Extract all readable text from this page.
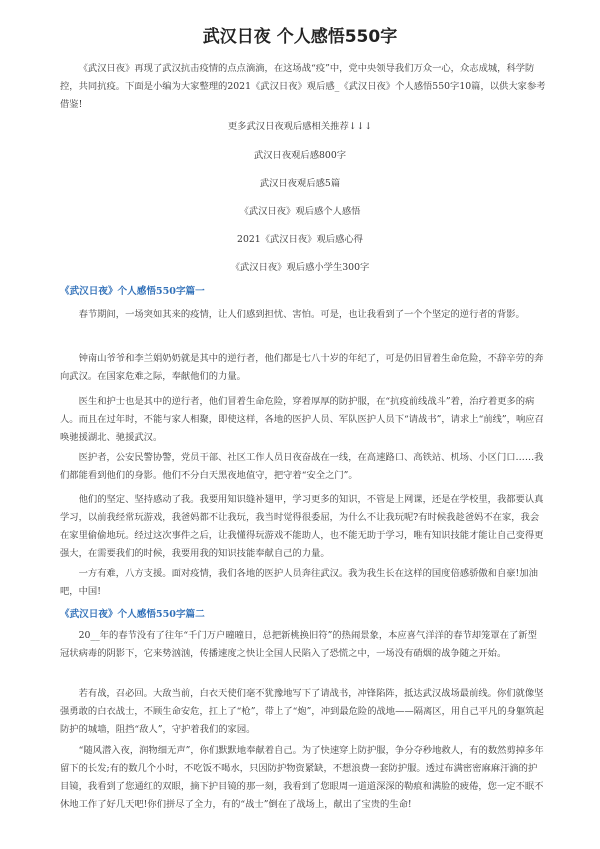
武汉日夜 个人感悟550字

《武汉日夜》再现了武汉抗击疫情的点点滴滴，在这场战“疫”中，党中央领导我们万众一心，众志成城，科学防控，共同抗疫。下面是小编为大家整理的2021《武汉日夜》观后感_《武汉日夜》个人感悟550字10篇，以供大家参考借鉴!

更多武汉日夜观后感相关推荐↓↓↓
武汉日夜观后感800字
武汉日夜观后感5篇
《武汉日夜》观后感个人感悟
2021《武汉日夜》观后感心得
《武汉日夜》观后感小学生300字
《武汉日夜》个人感悟550字篇一

春节期间，一场突如其来的疫情，让人们感到担忧、害怕。可是，也让我看到了一个个坚定的逆行者的背影。

钟南山爷爷和李兰娟奶奶就是其中的逆行者，他们都是七八十岁的年纪了，可是仍旧冒着生命危险，不辞辛劳的奔向武汉。在国家危难之际，奉献他们的力量。

医生和护士也是其中的逆行者，他们冒着生命危险，穿着厚厚的防护服，在“抗疫前线战斗”着，治疗着更多的病人。而且在过年时，不能与家人相聚，即使这样，各地的医护人员、军队医护人员下“请战书”，请求上“前线”，响应召唤驰援湖北、驰援武汉。

医护者，公安民警协警，党员干部、社区工作人员日夜奋战在一线，在高速路口、高铁站、机场、小区门口……我们都能看到他们的身影。他们不分白天黑夜地值守，把守着“安全之门”。

他们的坚定、坚持感动了我。我要用知识缝补翅甲，学习更多的知识，不管是上网课，还是在学校里，我都要认真学习，以前我经常玩游戏，我爸妈都不让我玩，我当时觉得很委屈，为什么不让我玩呢?有时候我趁爸妈不在家，我会在家里偷偷地玩。经过这次事件之后，让我懂得玩游戏不能助人，也不能无助于学习，唯有知识技能才能让自己变得更强大，在需要我们的时候，我要用我的知识技能奉献自己的力量。

一方有难，八方支援。面对疫情，我们各地的医护人员奔往武汉。我为我生长在这样的国度倍感骄傲和自豪!加油吧，中国!

《武汉日夜》个人感悟550字篇二

20__年的春节没有了往年“千门万户曈曈日，总把新桃换旧符”的热闹景象，本应喜气洋洋的春节却笼罩在了新型冠状病毒的阴影下，它来势汹汹，传播速度之快让全国人民陷入了恐慌之中，一场没有硝烟的战争随之开始。

若有战，召必回。大敌当前，白衣天使们毫不犹豫地写下了请战书，冲锋陷阵，抵达武汉战场最前线。你们就像坚强勇敢的白衣战士，不顾生命安危，扛上了“枪”，带上了“炮”，冲到最危险的战地——隔离区，用自己平凡的身躯筑起防护的城墙，阻挡“敌人”，守护着我们的家园。

“随风潜入夜，润物细无声”，你们默默地奉献着自己。为了快速穿上防护服，争分夺秒地救人，有的数然剪掉多年留下的长发;有的数几个小时，不吃饭不喝水，只因防护物资紧缺，不想浪费一套防护服。透过布满密密麻麻汗滴的护目镜，我看到了您通红的双眼，摘下护目镜的那一刻，我看到了您眼周一道道深深的勒痕和满脸的疲倦，您一定不眠不休地工作了好几天吧!你们拼尽了全力，有的“战士”倒在了战场上，献出了宝贵的生命!
